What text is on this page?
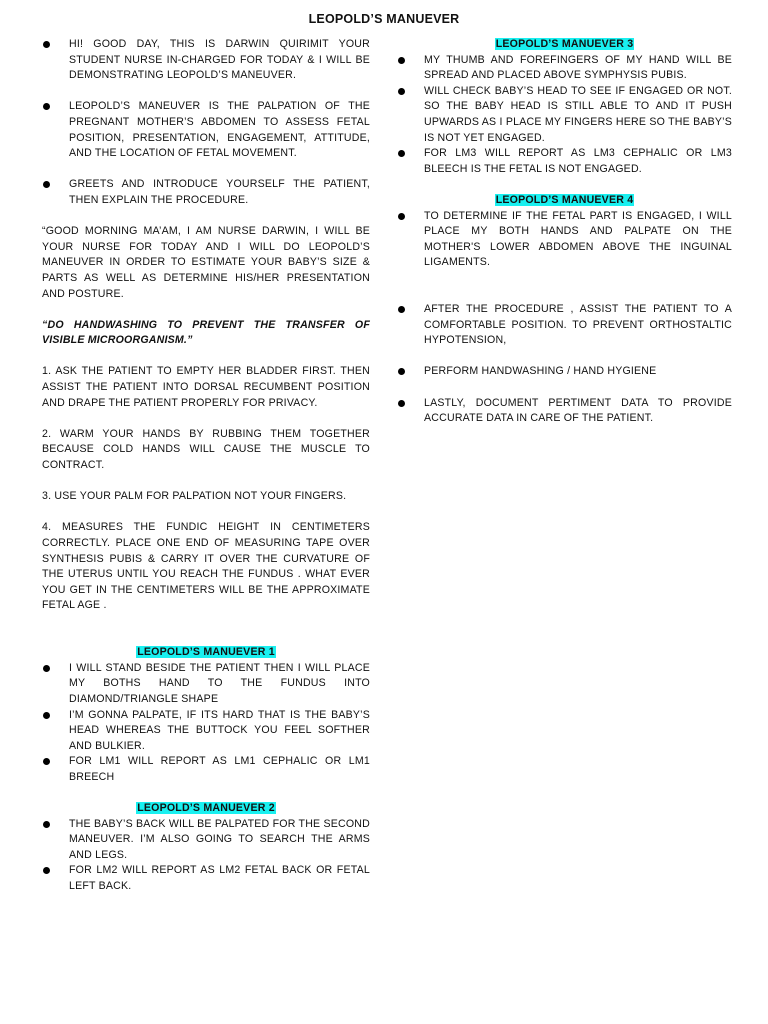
LEOPOLD’S MANUEVER
HI! GOOD DAY, THIS IS DARWIN QUIRIMIT YOUR STUDENT NURSE IN-CHARGED FOR TODAY & I WILL BE DEMONSTRATING LEOPOLD’S MANEUVER.
LEOPOLD’S MANEUVER IS THE PALPATION OF THE PREGNANT MOTHER’S ABDOMEN TO ASSESS FETAL POSITION, PRESENTATION, ENGAGEMENT, ATTITUDE, AND THE LOCATION OF FETAL MOVEMENT.
GREETS AND INTRODUCE YOURSELF THE PATIENT, THEN EXPLAIN THE PROCEDURE.

“GOOD MORNING MA’AM, I AM NURSE DARWIN, I WILL BE YOUR NURSE FOR TODAY AND I WILL DO LEOPOLD’S MANEUVER IN ORDER TO ESTIMATE YOUR BABY’S SIZE & PARTS AS WELL AS DETERMINE HIS/HER PRESENTATION AND POSTURE.

“DO HANDWASHING TO PREVENT THE TRANSFER OF VISIBLE MICROORGANISM.”

1. ASK THE PATIENT TO EMPTY HER BLADDER FIRST. THEN ASSIST THE PATIENT INTO DORSAL RECUMBENT POSITION AND DRAPE THE PATIENT PROPERLY FOR PRIVACY.

2. WARM YOUR HANDS BY RUBBING THEM TOGETHER BECAUSE COLD HANDS WILL CAUSE THE MUSCLE TO CONTRACT.

3. USE YOUR PALM FOR PALPATION NOT YOUR FINGERS.

4. MEASURES THE FUNDIC HEIGHT IN CENTIMETERS CORRECTLY. PLACE ONE END OF MEASURING TAPE OVER SYNTHESIS PUBIS & CARRY IT OVER THE CURVATURE OF THE UTERUS UNTIL YOU REACH THE FUNDUS . WHAT EVER YOU GET IN THE CENTIMETERS WILL BE THE APPROXIMATE FETAL AGE .

LEOPOLD’S MANUEVER 1
I WILL STAND BESIDE THE PATIENT THEN I WILL PLACE MY BOTHS HAND TO THE FUNDUS INTO DIAMOND/TRIANGLE SHAPE
I’M GONNA PALPATE, IF ITS HARD THAT IS THE BABY’S HEAD WHEREAS THE BUTTOCK YOU FEEL SOFTHER AND BULKIER.
FOR LM1 WILL REPORT AS LM1 CEPHALIC OR LM1 BREECH
LEOPOLD’S MANUEVER 2
THE BABY’S BACK WILL BE PALPATED FOR THE SECOND MANEUVER. I’M ALSO GOING TO SEARCH THE ARMS AND LEGS.
FOR LM2 WILL REPORT AS LM2 FETAL BACK OR FETAL LEFT BACK.
LEOPOLD’S MANUEVER 3
MY THUMB AND FOREFINGERS OF MY HAND WILL BE SPREAD AND PLACED ABOVE SYMPHYSIS PUBIS.
WILL CHECK BABY’S HEAD TO SEE IF ENGAGED OR NOT. SO THE BABY HEAD IS STILL ABLE TO AND IT PUSH UPWARDS AS I PLACE MY FINGERS HERE SO THE BABY’S IS NOT YET ENGAGED.
FOR LM3 WILL REPORT AS LM3 CEPHALIC OR LM3 BLEECH IS THE FETAL IS NOT ENGAGED.
LEOPOLD’S MANUEVER 4
TO DETERMINE IF THE FETAL PART IS ENGAGED, I WILL PLACE MY BOTH HANDS AND PALPATE ON THE MOTHER'S LOWER ABDOMEN ABOVE THE INGUINAL LIGAMENTS.
AFTER THE PROCEDURE , ASSIST THE PATIENT TO A COMFORTABLE POSITION. TO PREVENT ORTHOSTALTIC HYPOTENSION,
PERFORM HANDWASHING / HAND HYGIENE
LASTLY, DOCUMENT PERTIMENT DATA TO PROVIDE ACCURATE DATA IN CARE OF THE PATIENT.
